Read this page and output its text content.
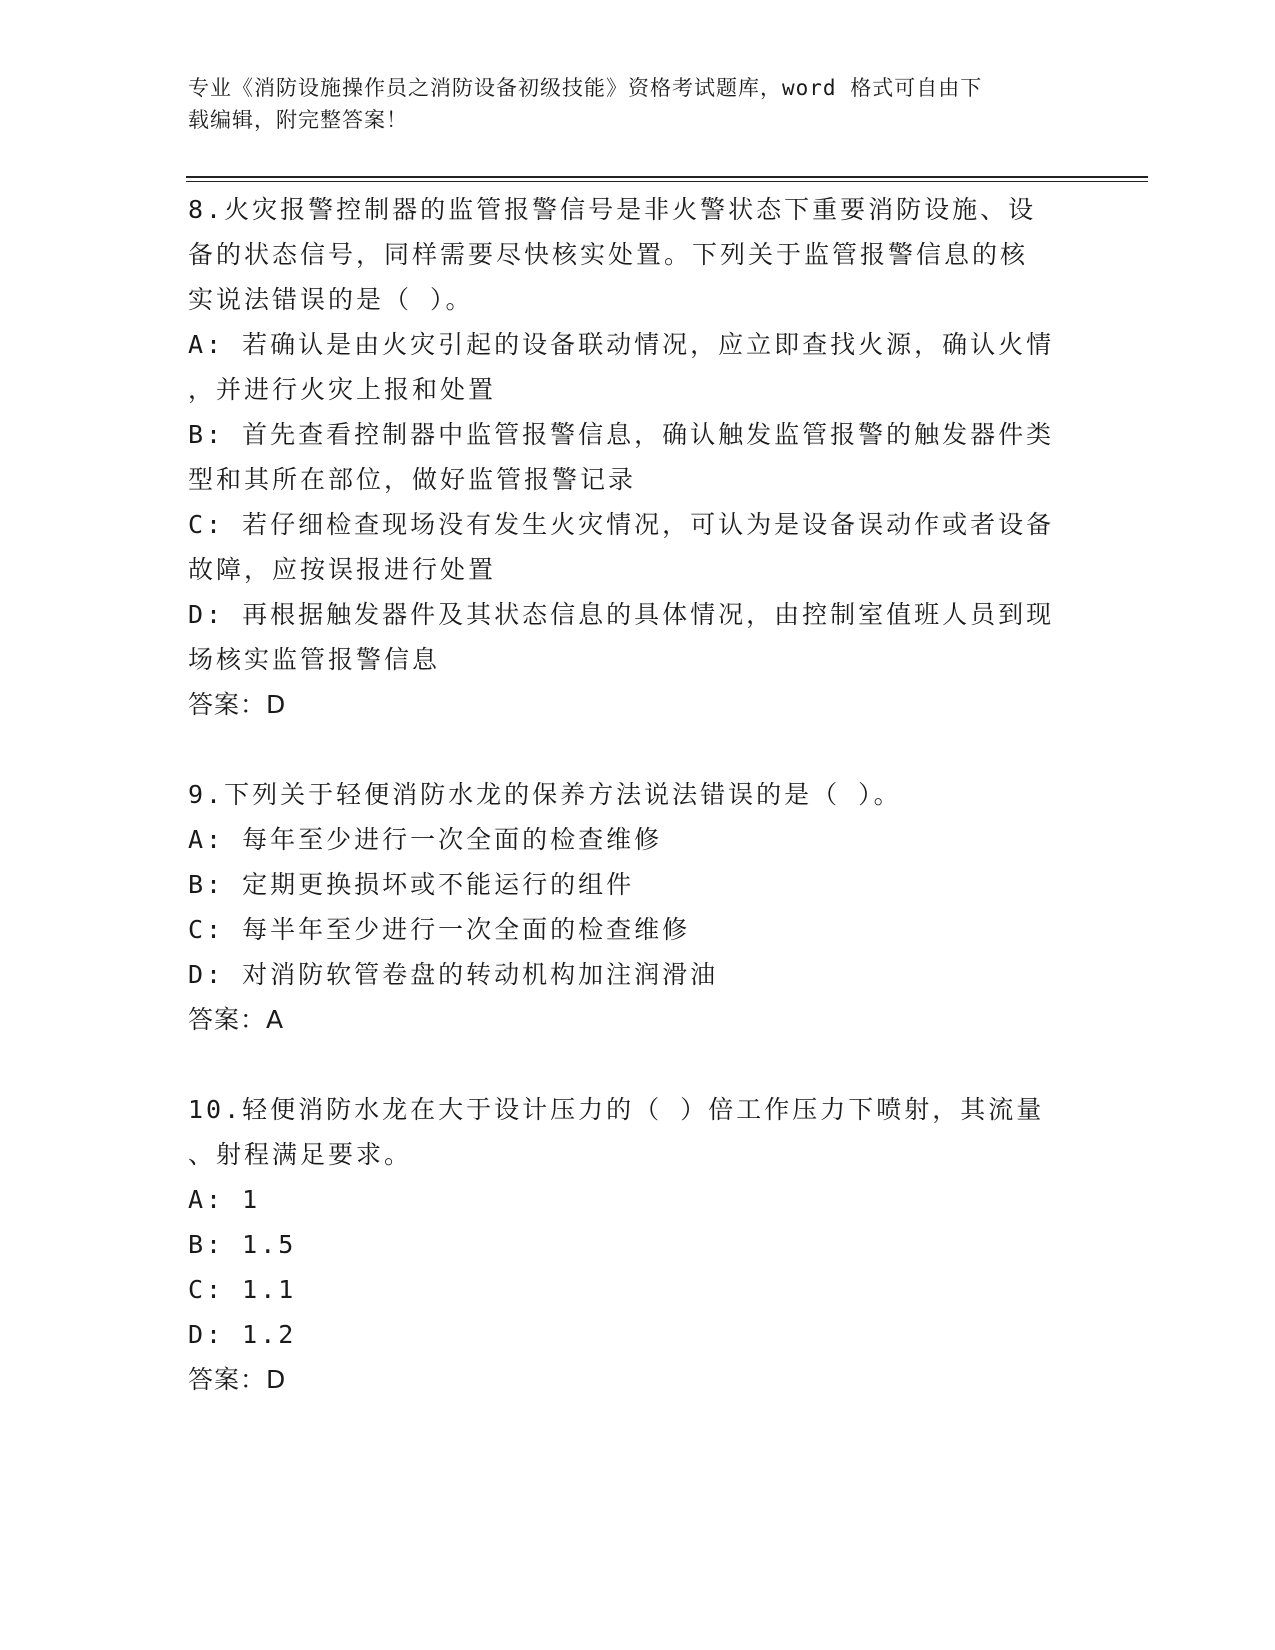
专业《消防设施操作员之消防设备初级技能》资格考试题库，word 格式可自由下
载编辑，附完整答案！
8.火灾报警控制器的监管报警信号是非火警状态下重要消防设施、设
备的状态信号，同样需要尽快核实处置。下列关于监管报警信息的核
实说法错误的是（ ）。
A: 若确认是由火灾引起的设备联动情况，应立即查找火源，确认火情
，并进行火灾上报和处置
B: 首先查看控制器中监管报警信息，确认触发监管报警的触发器件类
型和其所在部位，做好监管报警记录
C: 若仔细检查现场没有发生火灾情况，可认为是设备误动作或者设备
故障，应按误报进行处置
D: 再根据触发器件及其状态信息的具体情况，由控制室值班人员到现
场核实监管报警信息
答案：D
9.下列关于轻便消防水龙的保养方法说法错误的是（ ）。
A: 每年至少进行一次全面的检查维修
B: 定期更换损坏或不能运行的组件
C: 每半年至少进行一次全面的检查维修
D: 对消防软管卷盘的转动机构加注润滑油
答案：A
10.轻便消防水龙在大于设计压力的（ ）倍工作压力下喷射，其流量
、射程满足要求。
A: 1
B: 1.5
C: 1.1
D: 1.2
答案：D
